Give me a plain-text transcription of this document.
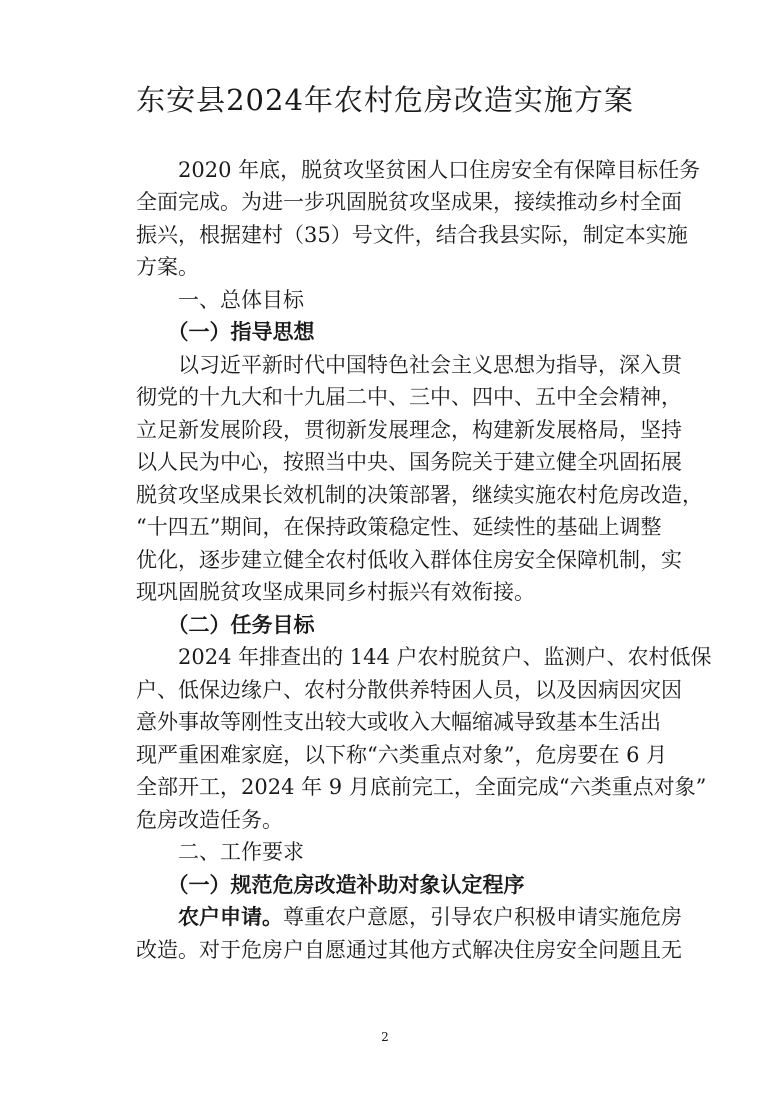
东安县2024年农村危房改造实施方案
　　2020 年底，脱贫攻坚贫困人口住房安全有保障目标任务
全面完成。为进一步巩固脱贫攻坚成果，接续推动乡村全面
振兴，根据建村（35）号文件，结合我县实际，制定本实施
方案。
　　一、总体目标
　　（一）指导思想
　　以习近平新时代中国特色社会主义思想为指导，深入贯
彻党的十九大和十九届二中、三中、四中、五中全会精神，
立足新发展阶段，贯彻新发展理念，构建新发展格局，坚持
以人民为中心，按照当中央、国务院关于建立健全巩固拓展
脱贫攻坚成果长效机制的决策部署，继续实施农村危房改造，
“十四五”期间，在保持政策稳定性、延续性的基础上调整
优化，逐步建立健全农村低收入群体住房安全保障机制，实
现巩固脱贫攻坚成果同乡村振兴有效衔接。
　　（二）任务目标
　　2024 年排查出的 144 户农村脱贫户、监测户、农村低保
户、低保边缘户、农村分散供养特困人员，以及因病因灾因
意外事故等刚性支出较大或收入大幅缩减导致基本生活出
现严重困难家庭，以下称“六类重点对象”，危房要在 6 月
全部开工，2024 年 9 月底前完工，全面完成“六类重点对象”
危房改造任务。
　　二、工作要求
　　（一）规范危房改造补助对象认定程序
　　农户申请。尊重农户意愿，引导农户积极申请实施危房
改造。对于危房户自愿通过其他方式解决住房安全问题且无
2
